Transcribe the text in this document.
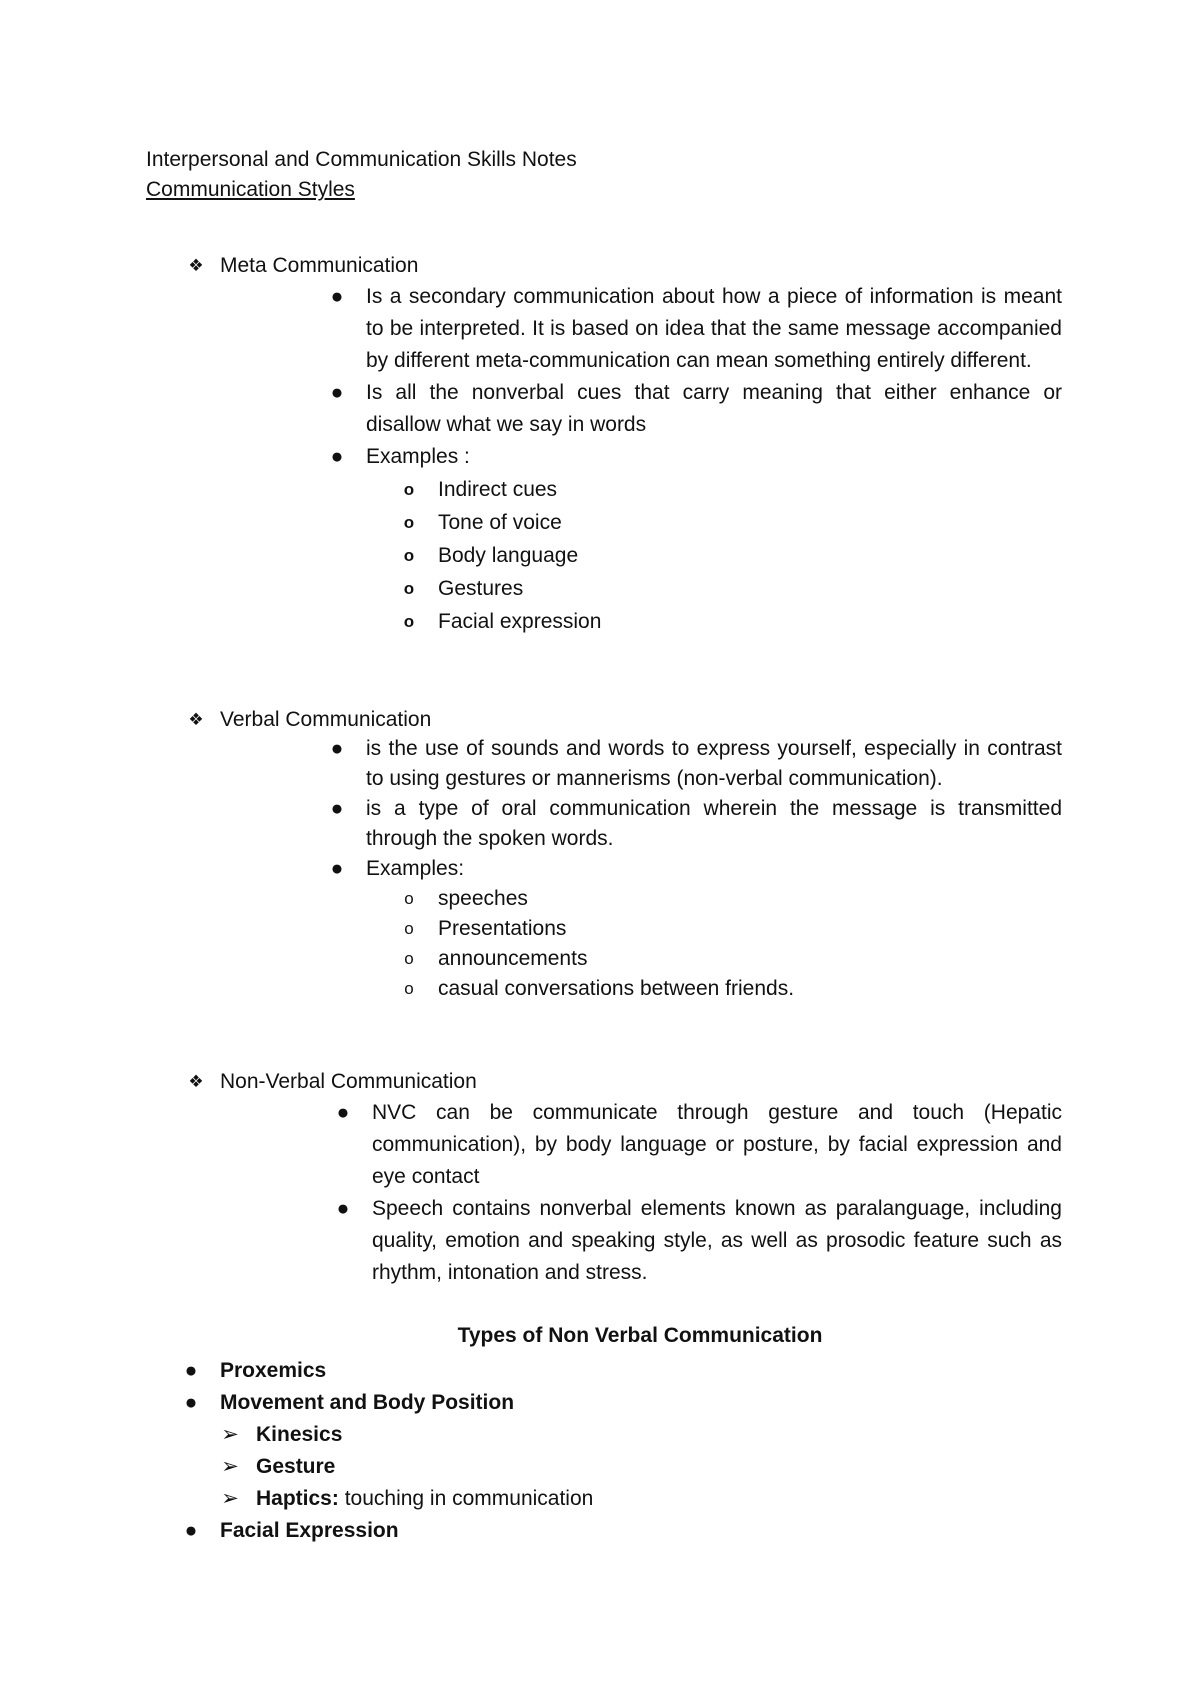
Interpersonal and Communication Skills Notes

Communication Styles

❖ Meta Communication
● Is a secondary communication about how a piece of information is meant to be interpreted. It is based on idea that the same message accompanied by different meta-communication can mean something entirely different.
● Is all the nonverbal cues that carry meaning that either enhance or disallow what we say in words
● Examples :
o Indirect cues
o Tone of voice
o Body language
o Gestures
o Facial expression
❖ Verbal Communication
● is the use of sounds and words to express yourself, especially in contrast to using gestures or mannerisms (non-verbal communication).
● is a type of oral communication wherein the message is transmitted through the spoken words.
● Examples:
o speeches
o Presentations
o announcements
o casual conversations between friends.
❖ Non-Verbal Communication
● NVC can be communicate through gesture and touch (Hepatic communication), by body language or posture, by facial expression and eye contact
● Speech contains nonverbal elements known as paralanguage, including quality, emotion and speaking style, as well as prosodic feature such as rhythm, intonation and stress.
Types of Non Verbal Communication
● Proxemics
● Movement and Body Position
➢ Kinesics
➢ Gesture
➢ Haptics: touching in communication
● Facial Expression
